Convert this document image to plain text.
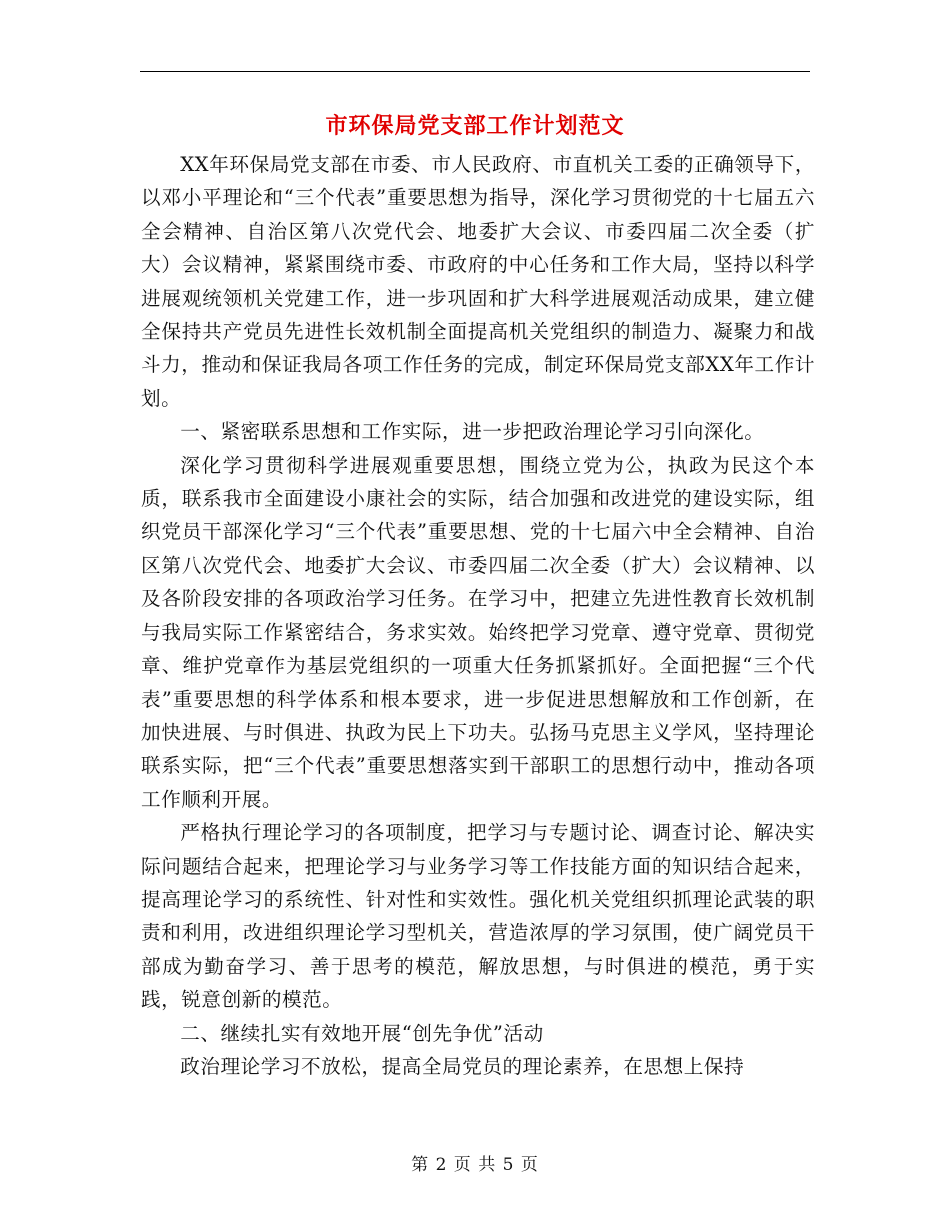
市环保局党支部工作计划范文

XX年环保局党支部在市委、市人民政府、市直机关工委的正确领导下，以邓小平理论和“三个代表”重要思想为指导，深化学习贯彻党的十七届五六全会精神、自治区第八次党代会、地委扩大会议、市委四届二次全委（扩大）会议精神，紧紧围绕市委、市政府的中心任务和工作大局，坚持以科学进展观统领机关党建工作，进一步巩固和扩大科学进展观活动成果，建立健全保持共产党员先进性长效机制全面提高机关党组织的制造力、凝聚力和战斗力，推动和保证我局各项工作任务的完成，制定环保局党支部XX年工作计划。

一、紧密联系思想和工作实际，进一步把政治理论学习引向深化。

深化学习贯彻科学进展观重要思想，围绕立党为公，执政为民这个本质，联系我市全面建设小康社会的实际，结合加强和改进党的建设实际，组织党员干部深化学习“三个代表”重要思想、党的十七届六中全会精神、自治区第八次党代会、地委扩大会议、市委四届二次全委（扩大）会议精神、以及各阶段安排的各项政治学习任务。在学习中，把建立先进性教育长效机制与我局实际工作紧密结合，务求实效。始终把学习党章、遵守党章、贯彻党章、维护党章作为基层党组织的一项重大任务抓紧抓好。全面把握“三个代表”重要思想的科学体系和根本要求，进一步促进思想解放和工作创新，在加快进展、与时俱进、执政为民上下功夫。弘扬马克思主义学风，坚持理论联系实际，把“三个代表”重要思想落实到干部职工的思想行动中，推动各项工作顺利开展。

严格执行理论学习的各项制度，把学习与专题讨论、调查讨论、解决实际问题结合起来，把理论学习与业务学习等工作技能方面的知识结合起来，提高理论学习的系统性、针对性和实效性。强化机关党组织抓理论武装的职责和利用，改进组织理论学习型机关，营造浓厚的学习氛围，使广阔党员干部成为勤奋学习、善于思考的模范，解放思想，与时俱进的模范，勇于实践，锐意创新的模范。

二、继续扎实有效地开展“创先争优”活动

政治理论学习不放松，提高全局党员的理论素养，在思想上保持

第 2 页 共 5 页
